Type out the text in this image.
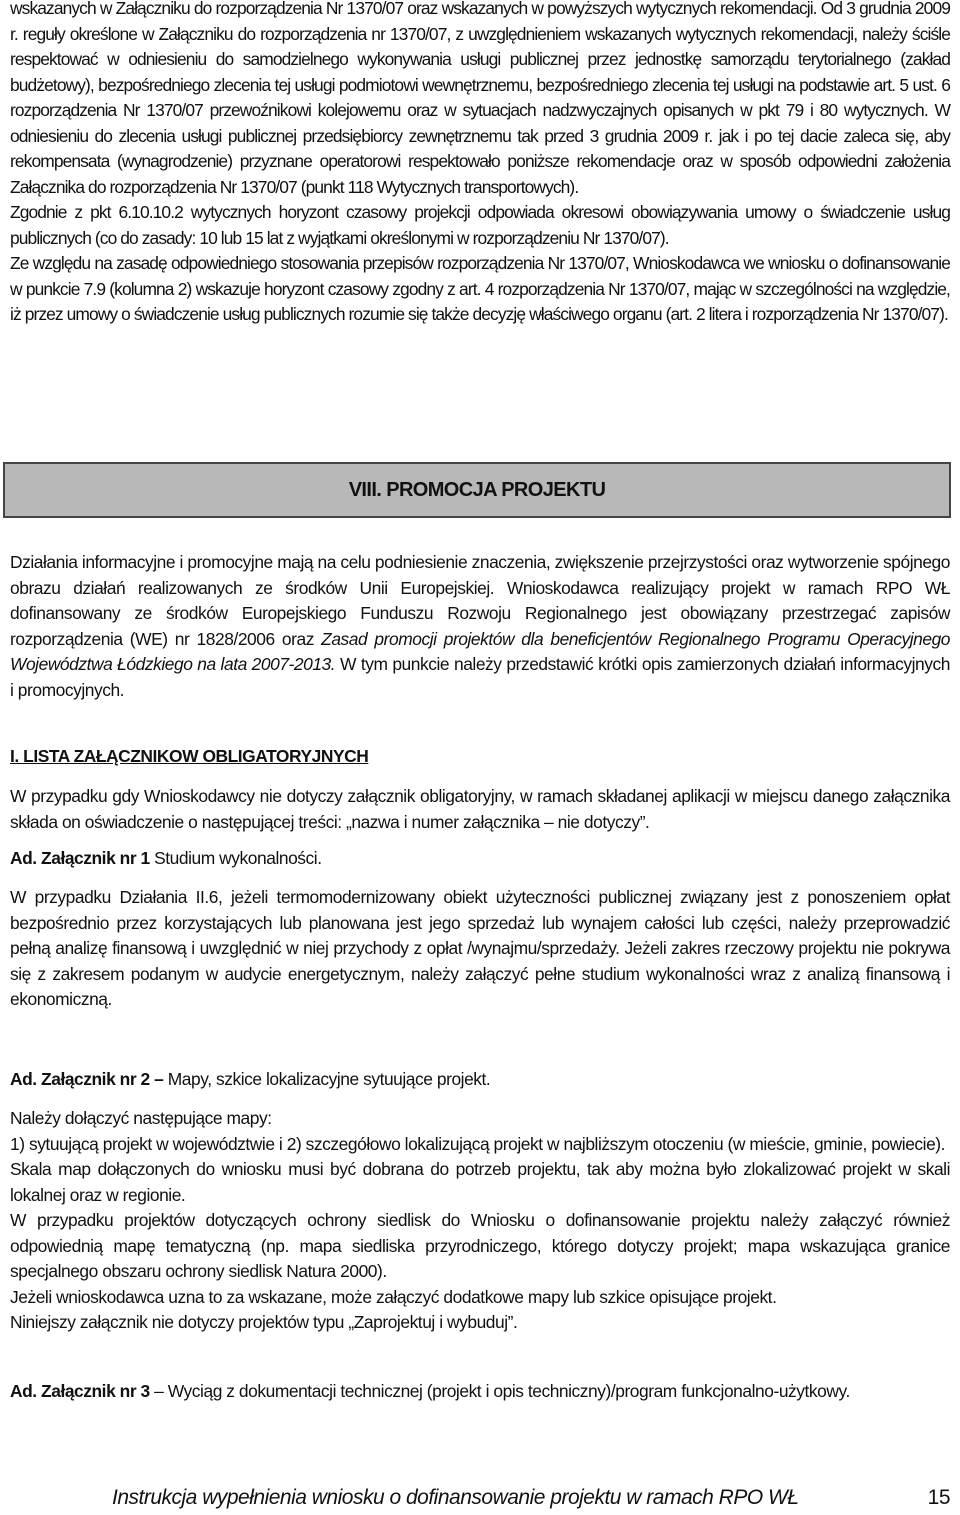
wskazanych w Załączniku do rozporządzenia Nr 1370/07 oraz wskazanych w powyższych wytycznych rekomendacji. Od 3 grudnia 2009 r. reguły określone w Załączniku do rozporządzenia nr 1370/07, z uwzględnieniem wskazanych wytycznych rekomendacji, należy ściśle respektować w odniesieniu do samodzielnego wykonywania usługi publicznej przez jednostkę samorządu terytorialnego (zakład budżetowy), bezpośredniego zlecenia tej usługi podmiotowi wewnętrznemu, bezpośredniego zlecenia tej usługi na podstawie art. 5 ust. 6 rozporządzenia Nr 1370/07 przewoźnikowi kolejowemu oraz w sytuacjach nadzwyczajnych opisanych w pkt 79 i 80 wytycznych. W odniesieniu do zlecenia usługi publicznej przedsiębiorcy zewnętrznemu tak przed 3 grudnia 2009 r. jak i po tej dacie zaleca się, aby rekompensata (wynagrodzenie) przyznane operatorowi respektowało poniższe rekomendacje oraz w sposób odpowiedni założenia Załącznika do rozporządzenia Nr 1370/07 (punkt 118 Wytycznych transportowych).

Zgodnie z pkt 6.10.10.2 wytycznych horyzont czasowy projekcji odpowiada okresowi obowiązywania umowy o świadczenie usług publicznych (co do zasady: 10 lub 15 lat z wyjątkami określonymi w rozporządzeniu Nr 1370/07).

Ze względu na zasadę odpowiedniego stosowania przepisów rozporządzenia Nr 1370/07, Wnioskodawca we wniosku o dofinansowanie w punkcie 7.9 (kolumna 2) wskazuje horyzont czasowy zgodny z art. 4 rozporządzenia Nr 1370/07, mając w szczególności na względzie, iż przez umowy o świadczenie usług publicznych rozumie się także decyzję właściwego organu (art. 2 litera i rozporządzenia Nr 1370/07).

VIII. PROMOCJA PROJEKTU

Działania informacyjne i promocyjne mają na celu podniesienie znaczenia, zwiększenie przejrzystości oraz wytworzenie spójnego obrazu działań realizowanych ze środków Unii Europejskiej. Wnioskodawca realizujący projekt w ramach RPO WŁ dofinansowany ze środków Europejskiego Funduszu Rozwoju Regionalnego jest obowiązany przestrzegać zapisów rozporządzenia (WE) nr 1828/2006 oraz Zasad promocji projektów dla beneficjentów Regionalnego Programu Operacyjnego Województwa Łódzkiego na lata 2007-2013. W tym punkcie należy przedstawić krótki opis zamierzonych działań informacyjnych i promocyjnych.

I. LISTA ZAŁĄCZNIKOW OBLIGATORYJNYCH

W przypadku gdy Wnioskodawcy nie dotyczy załącznik obligatoryjny, w ramach składanej aplikacji w miejscu danego załącznika składa on oświadczenie o następującej treści: „nazwa i numer załącznika – nie dotyczy”.

Ad. Załącznik nr 1 Studium wykonalności.

W przypadku Działania II.6, jeżeli termomodernizowany obiekt użyteczności publicznej związany jest z ponoszeniem opłat bezpośrednio przez korzystających lub planowana jest jego sprzedaż lub wynajem całości lub części, należy przeprowadzić pełną analizę finansową i uwzględnić w niej przychody z opłat /wynajmu/sprzedaży. Jeżeli zakres rzeczowy projektu nie pokrywa się z zakresem podanym w audycie energetycznym, należy załączyć pełne studium wykonalności wraz z analizą finansową i ekonomiczną.

Ad. Załącznik nr 2 – Mapy, szkice lokalizacyjne sytuujące projekt.

Należy dołączyć następujące mapy:

1) sytuującą projekt w województwie i 2) szczegółowo lokalizującą projekt w najbliższym otoczeniu (w mieście, gminie, powiecie).

Skala map dołączonych do wniosku musi być dobrana do potrzeb projektu, tak aby można było zlokalizować projekt w skali lokalnej oraz w regionie.

W przypadku projektów dotyczących ochrony siedlisk do Wniosku o dofinansowanie projektu należy załączyć również odpowiednią mapę tematyczną (np. mapa siedliska przyrodniczego, którego dotyczy projekt; mapa wskazująca granice specjalnego obszaru ochrony siedlisk Natura 2000).

Jeżeli wnioskodawca uzna to za wskazane, może załączyć dodatkowe mapy lub szkice opisujące projekt.

Niniejszy załącznik nie dotyczy projektów typu „Zaprojektuj i wybuduj”.

Ad. Załącznik nr 3 – Wyciąg z dokumentacji technicznej (projekt i opis techniczny)/program funkcjonalno-użytkowy.

Instrukcja wypełnienia wniosku o dofinansowanie projektu w ramach RPO WŁ	15
